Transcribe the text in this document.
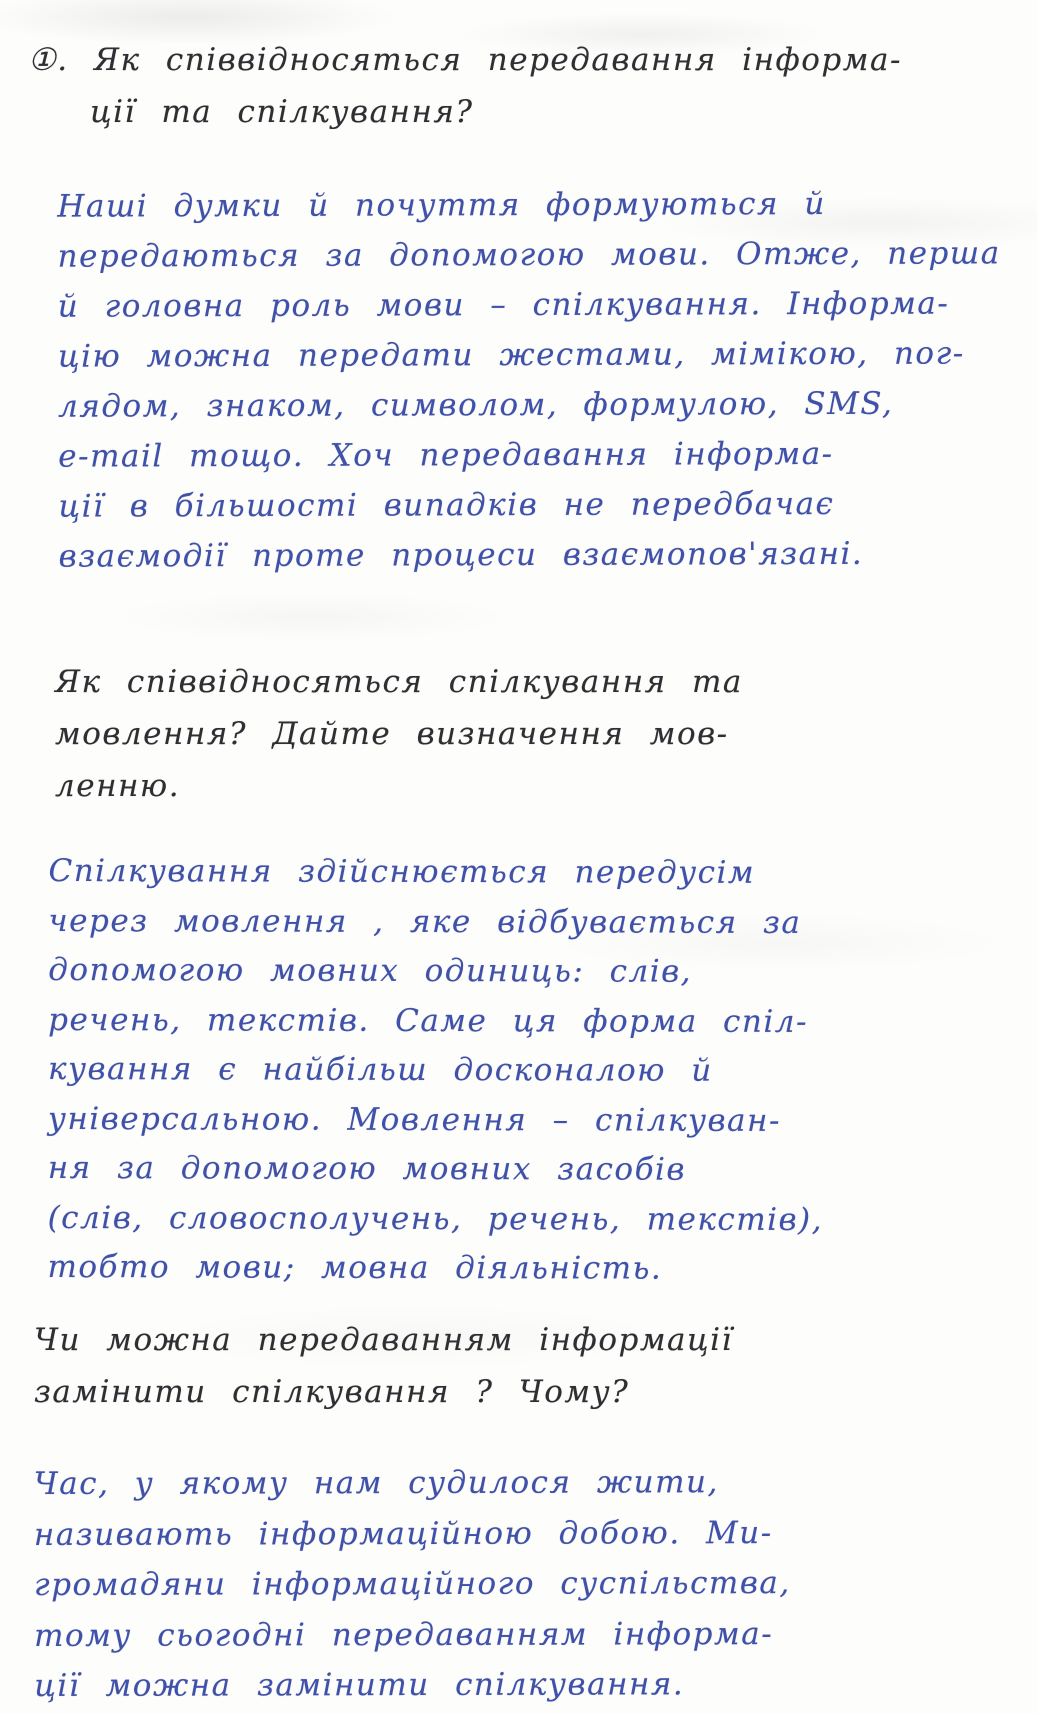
①. Як співвідносяться передавання інформа-
ції та спілкування?
Наші думки й почуття формуються й
передаються за допомогою мови. Отже, перша
й головна роль мови – спілкування. Інформа-
цію можна передати жестами, мімікою, пог-
лядом, знаком, символом, формулою, SMS,
e-mail тощо. Хоч передавання інформа-
ції в більшості випадків не передбачає
взаємодії проте процеси взаємопов'язані.
Як співвідносяться спілкування та
мовлення? Дайте визначення мов-
ленню.
Спілкування здійснюється передусім
через мовлення , яке відбувається за
допомогою мовних одиниць: слів,
речень, текстів. Саме ця форма спіл-
кування є найбільш досконалою й
універсальною. Мовлення – спілкуван-
ня за допомогою мовних засобів
(слів, словосполучень, речень, текстів),
тобто мови; мовна діяльність.
Чи можна передаванням інформації
замінити спілкування ? Чому?
Час, у якому нам судилося жити,
називають інформаційною добою. Ми-
громадяни інформаційного суспільства,
тому сьогодні передаванням інформа-
ції можна замінити спілкування.
